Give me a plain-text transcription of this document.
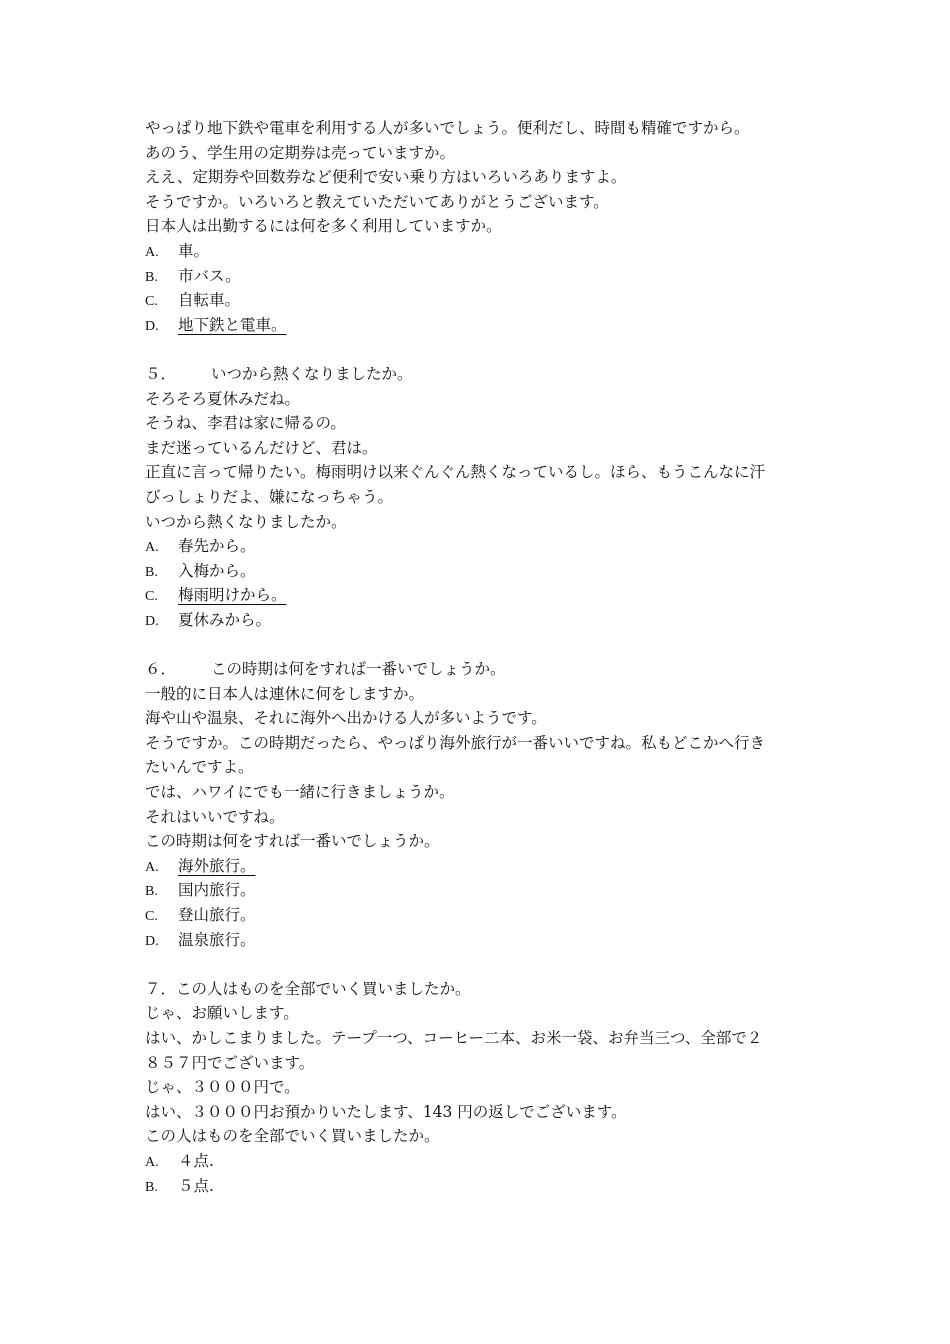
やっぱり地下鉄や電車を利用する人が多いでしょう。便利だし、時間も精確ですから。
あのう、学生用の定期券は売っていますか。
ええ、定期券や回数券など便利で安い乗り方はいろいろありますよ。
そうですか。いろいろと教えていただいてありがとうございます。
日本人は出勤するには何を多く利用していますか。
A. 車。
B. 市バス。
C. 自転車。
D. 地下鉄と電車。
５． いつから熱くなりましたか。
そろそろ夏休みだね。
そうね、李君は家に帰るの。
まだ迷っているんだけど、君は。
正直に言って帰りたい。梅雨明け以来ぐんぐん熱くなっているし。ほら、もうこんなに汗
びっしょりだよ、嫌になっちゃう。
いつから熱くなりましたか。
A. 春先から。
B. 入梅から。
C. 梅雨明けから。
D. 夏休みから。
６． この時期は何をすれば一番いでしょうか。
一般的に日本人は連休に何をしますか。
海や山や温泉、それに海外へ出かける人が多いようです。
そうですか。この時期だったら、やっぱり海外旅行が一番いいですね。私もどこかへ行き
たいんですよ。
では、ハワイにでも一緒に行きましょうか。
それはいいですね。
この時期は何をすれば一番いでしょうか。
A. 海外旅行。
B. 国内旅行。
C. 登山旅行。
D. 温泉旅行。
７．この人はものを全部でいく買いましたか。
じゃ、お願いします。
はい、かしこまりました。テープ一つ、コーヒー二本、お米一袋、お弁当三つ、全部で２
８５７円でございます。
じゃ、３０００円で。
はい、３０００円お預かりいたします、143 円の返しでございます。
この人はものを全部でいく買いましたか。
A. ４点.
B. ５点.
